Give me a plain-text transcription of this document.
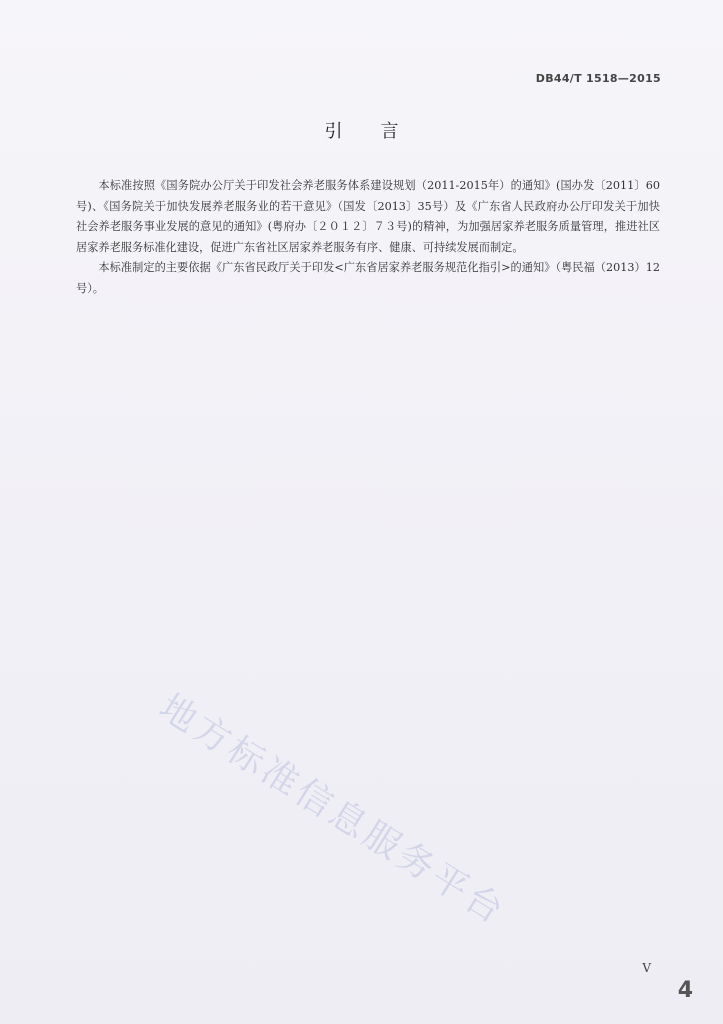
DB44/T 1518—2015
引言

本标准按照《国务院办公厅关于印发社会养老服务体系建设规划（2011-2015年）的通知》(国办发〔2011〕60号)、《国务院关于加快发展养老服务业的若干意见》（国发〔2013〕35号）及《广东省人民政府办公厅印发关于加快社会养老服务事业发展的意见的通知》(粤府办〔２０１２〕７３号)的精神，为加强居家养老服务质量管理，推进社区居家养老服务标准化建设，促进广东省社区居家养老服务有序、健康、可持续发展而制定。

本标准制定的主要依据《广东省民政厅关于印发<广东省居家养老服务规范化指引>的通知》（粤民福（2013）12号）。

地方标准信息服务平台
V
4
